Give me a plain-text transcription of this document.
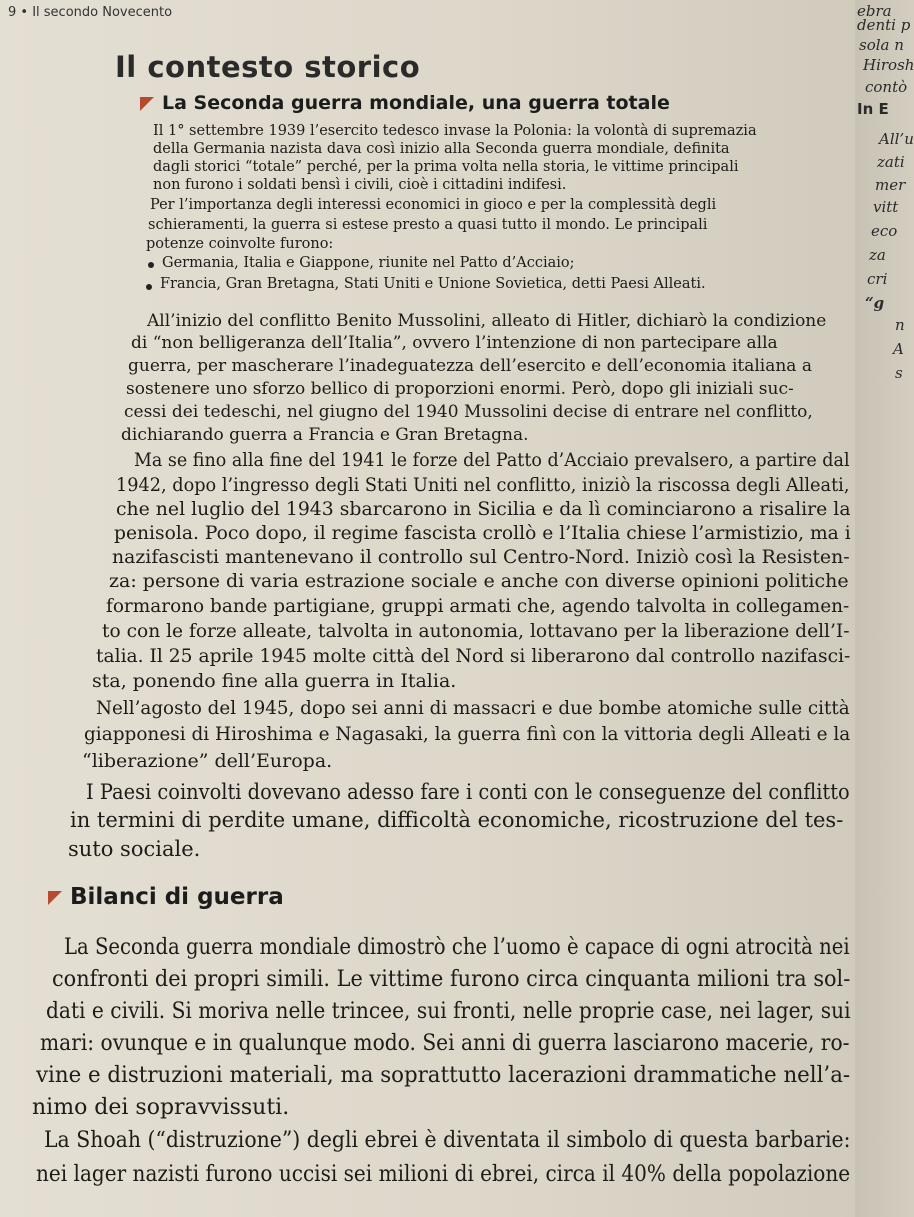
9 • Il secondo Novecento
Il contesto storico
La Seconda guerra mondiale, una guerra totale
Il 1° settembre 1939 l’esercito tedesco invase la Polonia: la volontà di supremazia
della Germania nazista dava così inizio alla Seconda guerra mondiale, definita
dagli storici “totale” perché, per la prima volta nella storia, le vittime principali
non furono i soldati bensì i civili, cioè i cittadini indifesi.
Per l’importanza degli interessi economici in gioco e per la complessità degli
schieramenti, la guerra si estese presto a quasi tutto il mondo. Le principali
potenze coinvolte furono:
Germania, Italia e Giappone, riunite nel Patto d’Acciaio;
Francia, Gran Bretagna, Stati Uniti e Unione Sovietica, detti Paesi Alleati.
All’inizio del conflitto Benito Mussolini, alleato di Hitler, dichiarò la condizione
di “non belligeranza dell’Italia”, ovvero l’intenzione di non partecipare alla
guerra, per mascherare l’inadeguatezza dell’esercito e dell’economia italiana a
sostenere uno sforzo bellico di proporzioni enormi. Però, dopo gli iniziali suc-
cessi dei tedeschi, nel giugno del 1940 Mussolini decise di entrare nel conflitto,
dichiarando guerra a Francia e Gran Bretagna.
Ma se fino alla fine del 1941 le forze del Patto d’Acciaio prevalsero, a partire dal
1942, dopo l’ingresso degli Stati Uniti nel conflitto, iniziò la riscossa degli Alleati,
che nel luglio del 1943 sbarcarono in Sicilia e da lì cominciarono a risalire la
penisola. Poco dopo, il regime fascista crollò e l’Italia chiese l’armistizio, ma i
nazifascisti mantenevano il controllo sul Centro-Nord. Iniziò così la Resisten-
za: persone di varia estrazione sociale e anche con diverse opinioni politiche
formarono bande partigiane, gruppi armati che, agendo talvolta in collegamen-
to con le forze alleate, talvolta in autonomia, lottavano per la liberazione dell’I-
talia. Il 25 aprile 1945 molte città del Nord si liberarono dal controllo nazifasci-
sta, ponendo fine alla guerra in Italia.
Nell’agosto del 1945, dopo sei anni di massacri e due bombe atomiche sulle città
giapponesi di Hiroshima e Nagasaki, la guerra finì con la vittoria degli Alleati e la
“liberazione” dell’Europa.
I Paesi coinvolti dovevano adesso fare i conti con le conseguenze del conflitto
in termini di perdite umane, difficoltà economiche, ricostruzione del tes-
suto sociale.
Bilanci di guerra
La Seconda guerra mondiale dimostrò che l’uomo è capace di ogni atrocità nei
confronti dei propri simili. Le vittime furono circa cinquanta milioni tra sol-
dati e civili. Si moriva nelle trincee, sui fronti, nelle proprie case, nei lager, sui
mari: ovunque e in qualunque modo. Sei anni di guerra lasciarono macerie, ro-
vine e distruzioni materiali, ma soprattutto lacerazioni drammatiche nell’a-
nimo dei sopravvissuti.
La Shoah (“distruzione”) degli ebrei è diventata il simbolo di questa barbarie:
nei lager nazisti furono uccisi sei milioni di ebrei, circa il 40% della popolazione
ebra
denti p
sola n
Hirosh
contò
In E
All’u
zati
mer
vitt
eco
za
cri
“g
n
A
s
